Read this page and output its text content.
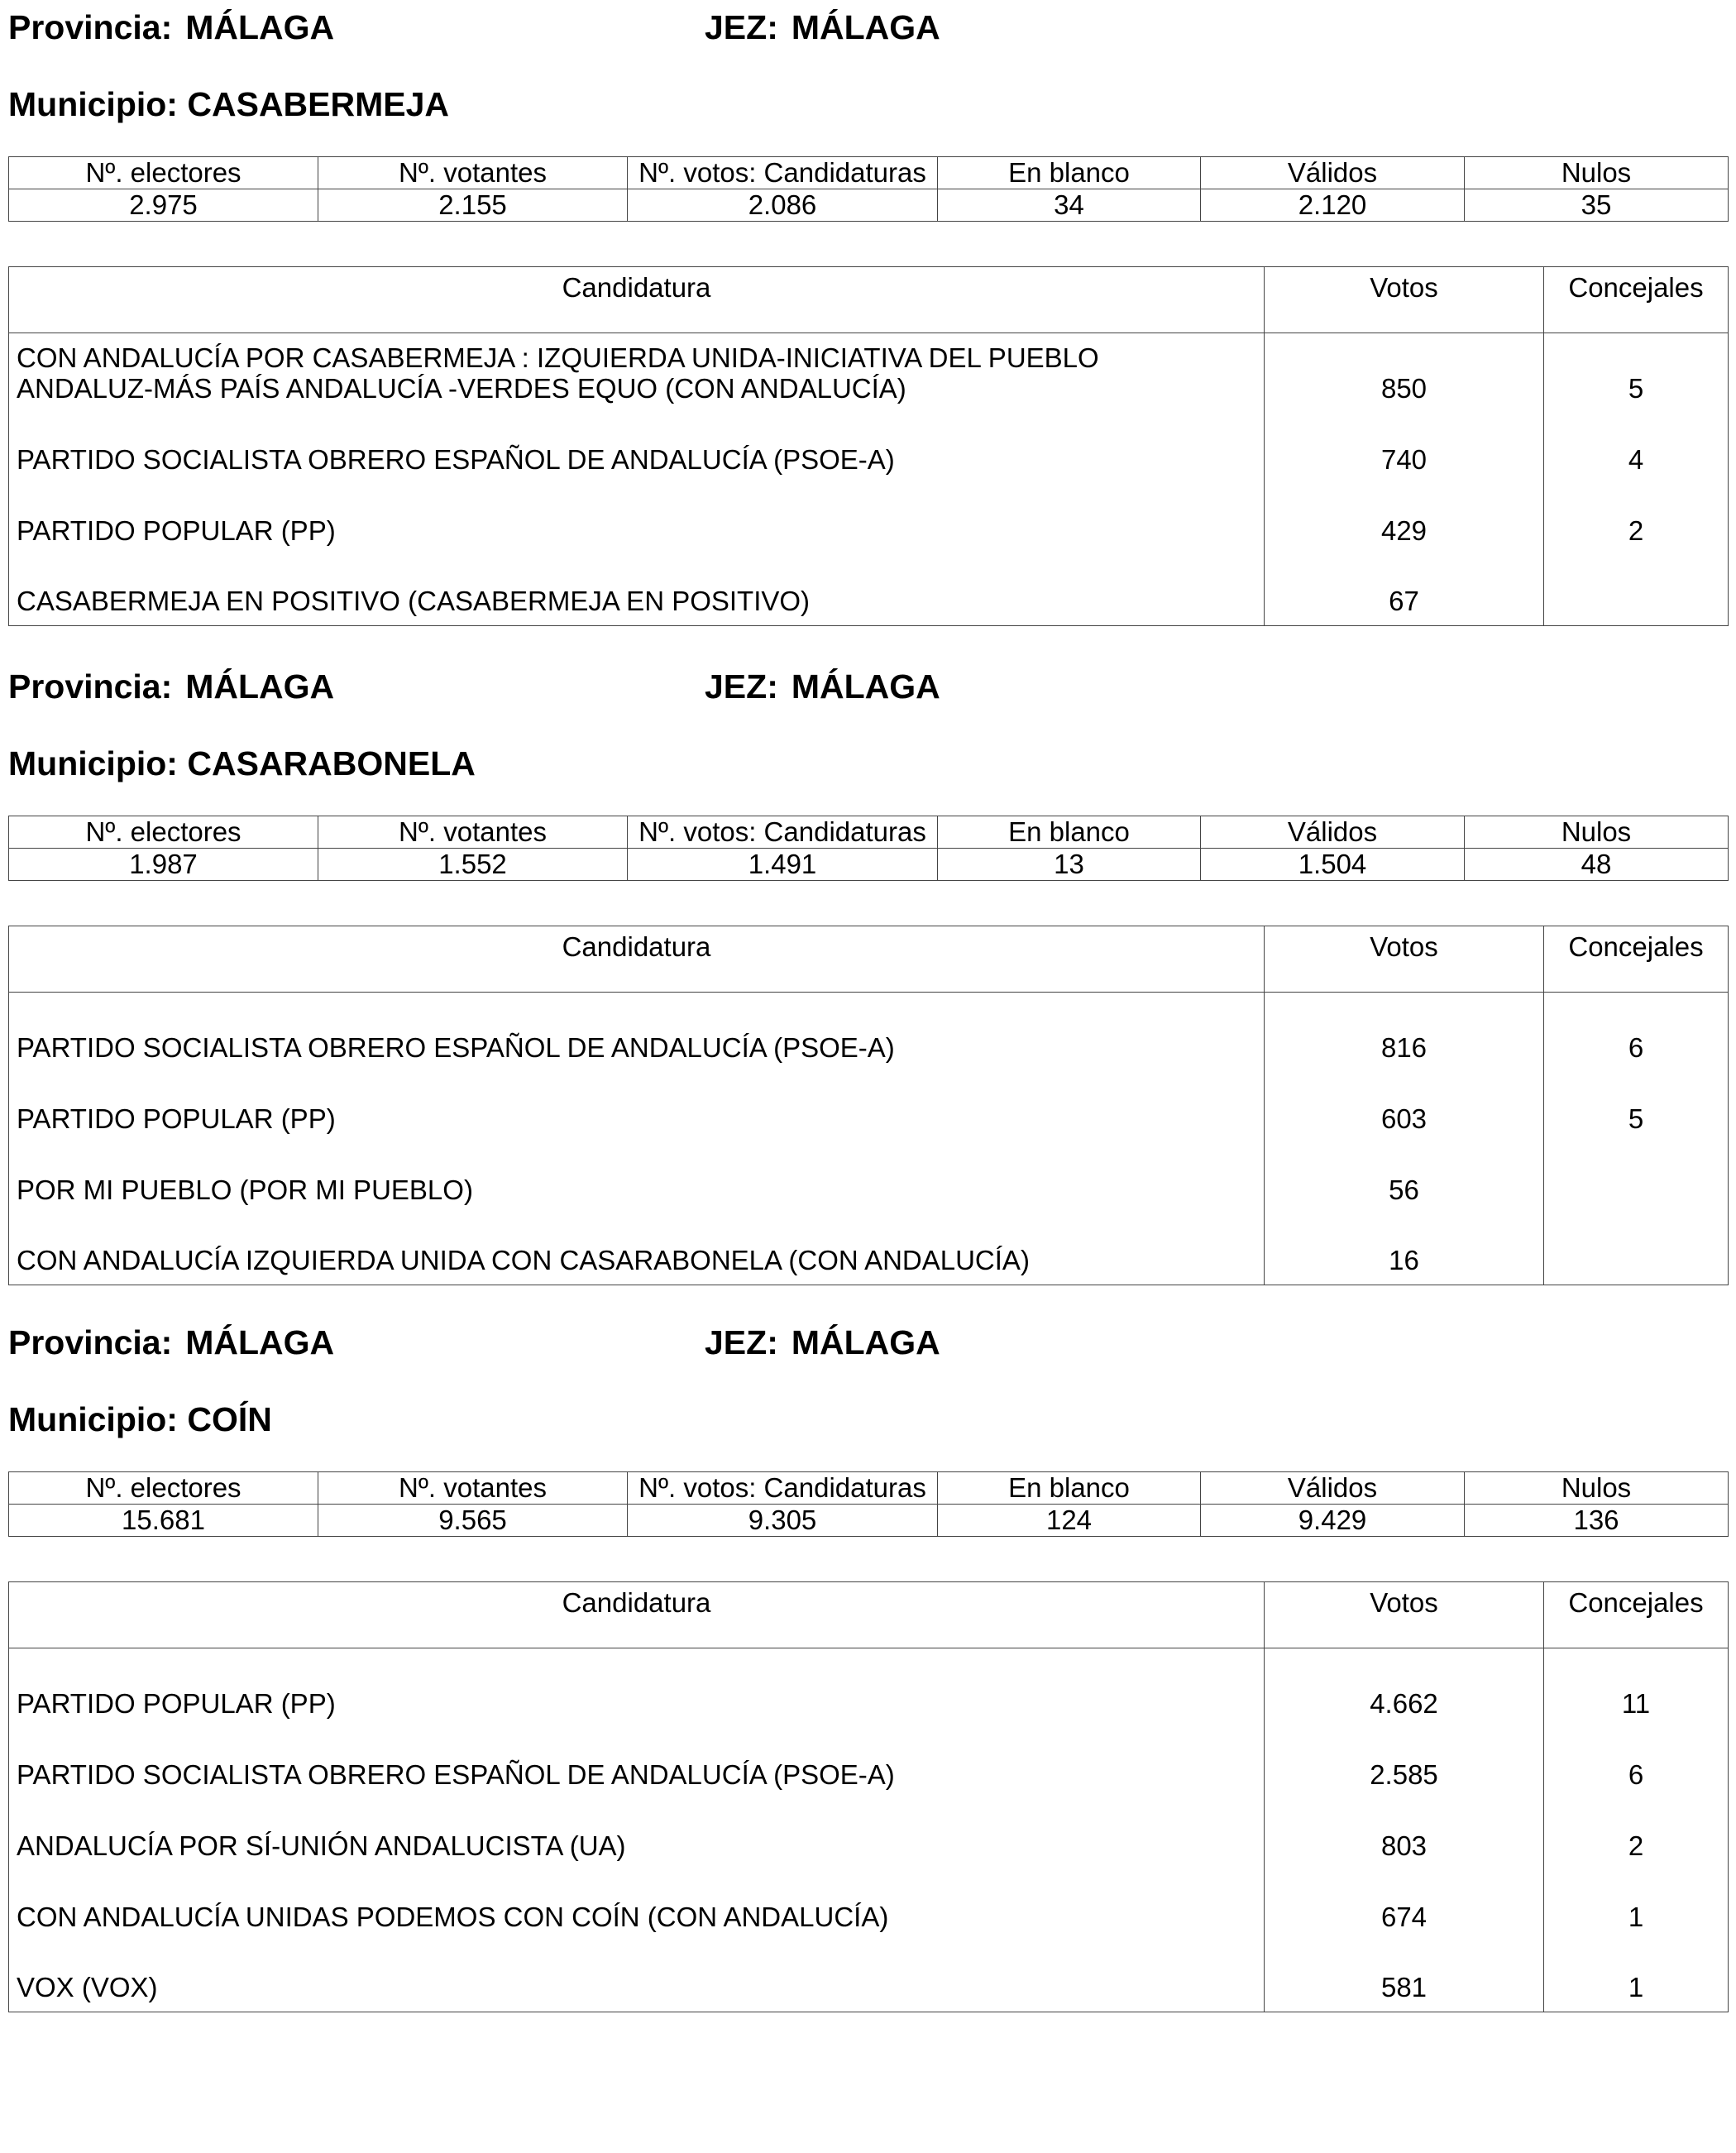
Provincia: MÁLAGA	JEZ: MÁLAGA
Municipio: CASABERMEJA
Nº. electores	Nº. votantes	Nº. votos: Candidaturas	En blanco	Válidos	Nulos
2.975	2.155	2.086	34	2.120	35
Candidatura	Votos	Concejales

CON ANDALUCÍA POR CASABERMEJA : IZQUIERDA UNIDA-INICIATIVA DEL PUEBLO
ANDALUZ-MÁS PAÍS ANDALUCÍA -VERDES EQUO (CON ANDALUCÍA)	850	5
PARTIDO SOCIALISTA OBRERO ESPAÑOL DE ANDALUCÍA (PSOE-A)	740	4
PARTIDO POPULAR (PP)	429	2
CASABERMEJA EN POSITIVO (CASABERMEJA EN POSITIVO)	67	
Provincia: MÁLAGA	JEZ: MÁLAGA
Municipio: CASARABONELA
Nº. electores	Nº. votantes	Nº. votos: Candidaturas	En blanco	Válidos	Nulos
1.987	1.552	1.491	13	1.504	48
Candidatura	Votos	Concejales
PARTIDO SOCIALISTA OBRERO ESPAÑOL DE ANDALUCÍA (PSOE-A)	816	6
PARTIDO POPULAR (PP)	603	5
POR MI PUEBLO (POR MI PUEBLO)	56	
CON ANDALUCÍA IZQUIERDA UNIDA CON CASARABONELA (CON ANDALUCÍA)	16	
Provincia: MÁLAGA	JEZ: MÁLAGA
Municipio: COÍN
Nº. electores	Nº. votantes	Nº. votos: Candidaturas	En blanco	Válidos	Nulos
15.681	9.565	9.305	124	9.429	136
Candidatura	Votos	Concejales
PARTIDO POPULAR (PP)	4.662	11
PARTIDO SOCIALISTA OBRERO ESPAÑOL DE ANDALUCÍA (PSOE-A)	2.585	6
ANDALUCÍA POR SÍ-UNIÓN ANDALUCISTA (UA)	803	2
CON ANDALUCÍA UNIDAS PODEMOS CON COÍN (CON ANDALUCÍA)	674	1
VOX (VOX)	581	1
